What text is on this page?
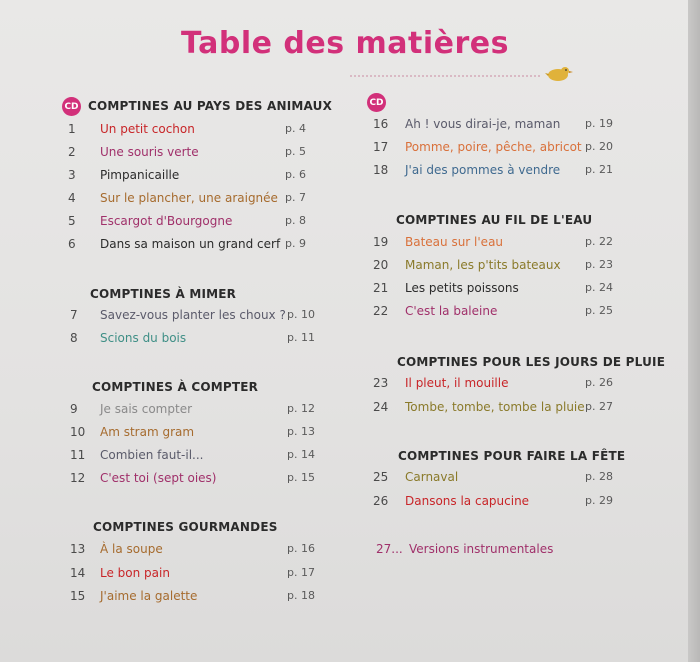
Table des matières
CD COMPTINES AU PAYS DES ANIMAUX
COMPTINES À MIMER
COMPTINES À COMPTER
COMPTINES GOURMANDES
CD
COMPTINES AU FIL DE L'EAU
COMPTINES POUR LES JOURS DE PLUIE
COMPTINES POUR FAIRE LA FÊTE
1 Un petit cochon	p. 4
2 Une souris verte	p. 5
3 Pimpanicaille	p. 6
4 Sur le plancher, une araignée p. 7
5 Escargot d'Bourgogne	p. 8
6 Dans sa maison un grand cerf p. 9
7 Savez-vous planter les choux ? p. 10
8 Scions du bois	p. 11
9 Je sais compter	p. 12
10 Am stram gram	p. 13
11 Combien faut-il...	p. 14
12 C'est toi (sept oies)	p. 15
13 À la soupe	p. 16
14 Le bon pain	p. 17
15 J'aime la galette	p. 18
16 Ah ! vous dirai-je, maman p. 19
17 Pomme, poire, pêche, abricot p. 20
18 J'ai des pommes à vendre p. 21
19 Bateau sur l'eau	p. 22
20 Maman, les p'tits bateaux p. 23
21 Les petits poissons	p. 24
22 C'est la baleine	p. 25
23 Il pleut, il mouille	p. 26
24 Tombe, tombe, tombe la pluie p. 27
25 Carnaval	p. 28
26 Dansons la capucine	p. 29
27... Versions instrumentales
